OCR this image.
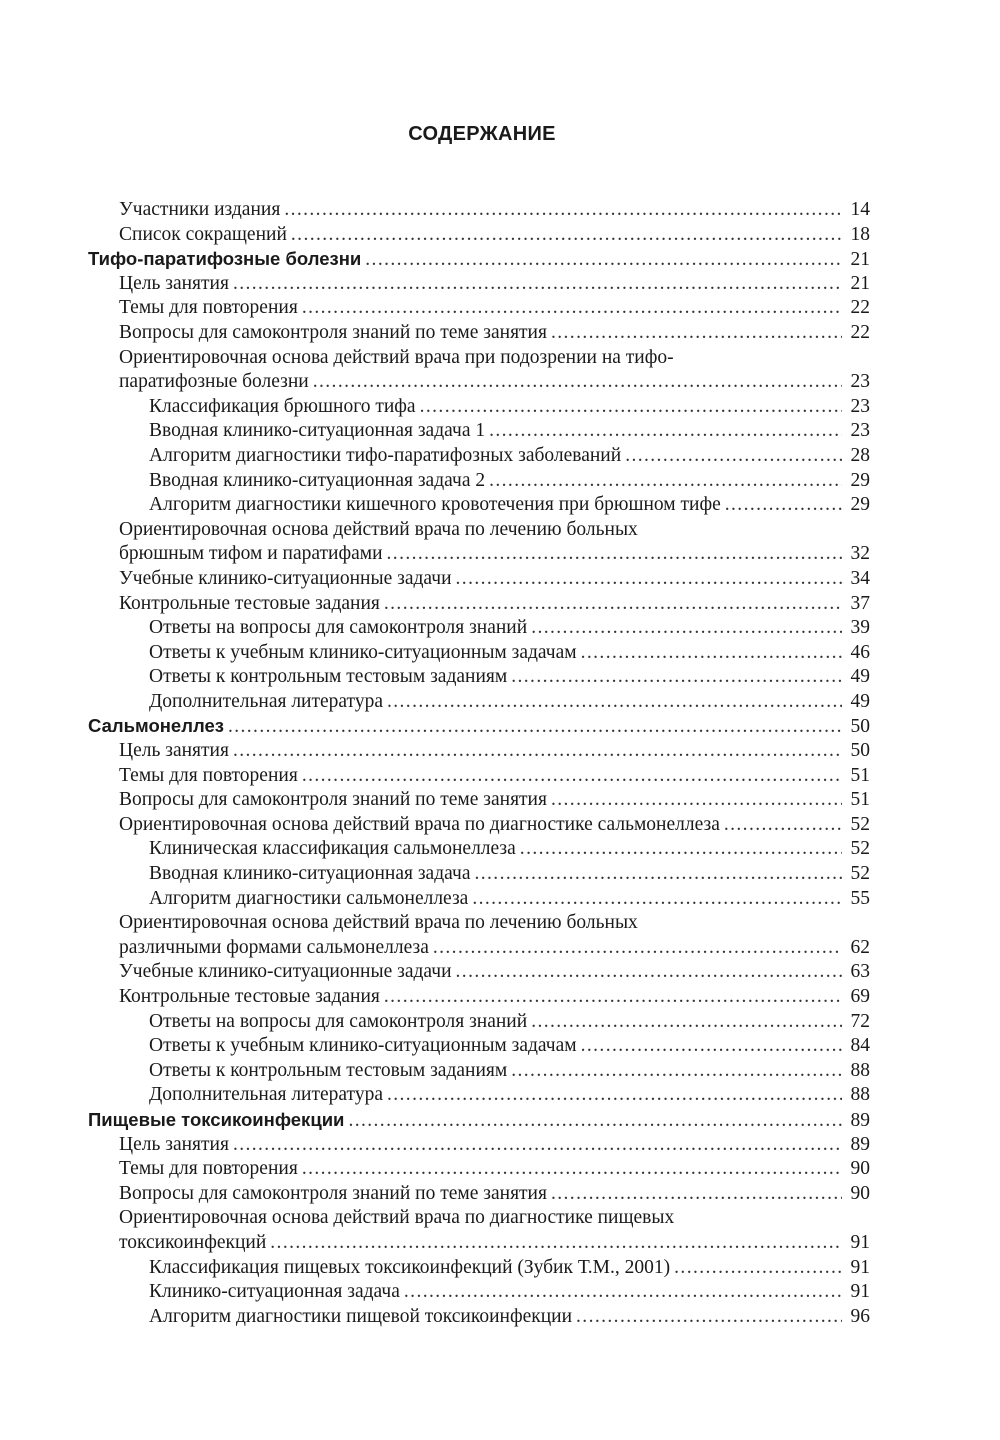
СОДЕРЖАНИЕ
Участники издания .....	14
Список сокращений .....	18
Тифо-паратифозные болезни .....	21
Цель занятия .....	21
Темы для повторения .....	22
Вопросы для самоконтроля знаний по теме занятия .....	22
Ориентировочная основа действий врача при подозрении на тифо-
паратифозные болезни .....	23
Классификация брюшного тифа .....	23
Вводная клинико-ситуационная задача 1 .....	23
Алгоритм диагностики тифо-паратифозных заболеваний .....	28
Вводная клинико-ситуационная задача 2 .....	29
Алгоритм диагностики кишечного кровотечения при брюшном тифе .....	29
Ориентировочная основа действий врача по лечению больных
брюшным тифом и паратифами .....	32
Учебные клинико-ситуационные задачи .....	34
Контрольные тестовые задания .....	37
Ответы на вопросы для самоконтроля знаний .....	39
Ответы к учебным клинико-ситуационным задачам .....	46
Ответы к контрольным тестовым заданиям .....	49
Дополнительная литература .....	49
Сальмонеллез .....	50
Цель занятия .....	50
Темы для повторения .....	51
Вопросы для самоконтроля знаний по теме занятия .....	51
Ориентировочная основа действий врача по диагностике сальмонеллеза .....	52
Клиническая классификация сальмонеллеза .....	52
Вводная клинико-ситуационная задача .....	52
Алгоритм диагностики сальмонеллеза .....	55
Ориентировочная основа действий врача по лечению больных
различными формами сальмонеллеза .....	62
Учебные клинико-ситуационные задачи .....	63
Контрольные тестовые задания .....	69
Ответы на вопросы для самоконтроля знаний .....	72
Ответы к учебным клинико-ситуационным задачам .....	84
Ответы к контрольным тестовым заданиям .....	88
Дополнительная литература .....	88
Пищевые токсикоинфекции .....	89
Цель занятия .....	89
Темы для повторения .....	90
Вопросы для самоконтроля знаний по теме занятия .....	90
Ориентировочная основа действий врача по диагностике пищевых
токсикоинфекций .....	91
Классификация пищевых токсикоинфекций (Зубик Т.М., 2001) .....	91
Клинико-ситуационная задача .....	91
Алгоритм диагностики пищевой токсикоинфекции .....	96
